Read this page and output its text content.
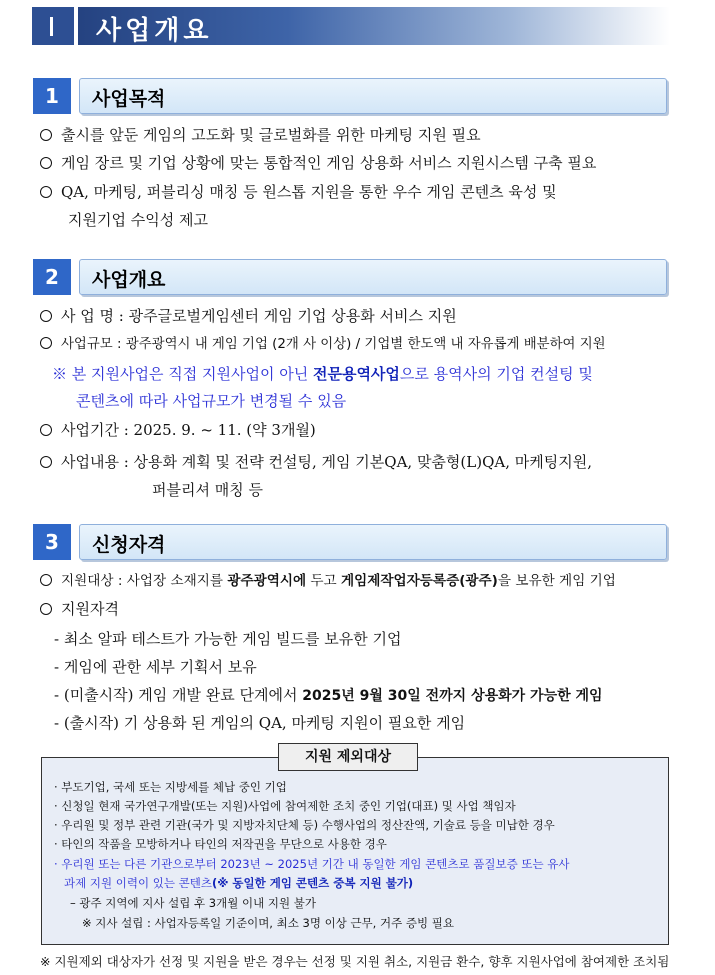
사업개요
1	사업목적
출시를 앞둔 게임의 고도화 및 글로벌화를 위한 마케팅 지원 필요
게임 장르 및 기업 상황에 맞는 통합적인 게임 상용화 서비스 지원시스템 구축 필요
QA, 마케팅, 퍼블리싱 매칭 등 원스톱 지원을 통한 우수 게임 콘텐츠 육성 및
지원기업 수익성 제고
2	사업개요
사 업 명 : 광주글로벌게임센터 게임 기업 상용화 서비스 지원
사업규모 : 광주광역시 내 게임 기업 (2개 사 이상) / 기업별 한도액 내 자유롭게 배분하여 지원
※ 본 지원사업은 직접 지원사업이 아닌 전문용역사업으로 용역사의 기업 컨설팅 및
콘텐츠에 따라 사업규모가 변경될 수 있음
사업기간 : 2025. 9. ~ 11. (약 3개월)
사업내용 : 상용화 계획 및 전략 컨설팅, 게임 기본QA, 맞춤형(L)QA, 마케팅지원,
퍼블리셔 매칭 등
3	신청자격
지원대상 : 사업장 소재지를 광주광역시에 두고 게임제작업자등록증(광주)을 보유한 게임 기업
지원자격
- 최소 알파 테스트가 가능한 게임 빌드를 보유한 기업
- 게임에 관한 세부 기획서 보유
- (미출시작) 게임 개발 완료 단계에서 2025년 9월 30일 전까지 상용화가 가능한 게임
- (출시작) 기 상용화 된 게임의 QA, 마케팅 지원이 필요한 게임
지원 제외대상
· 부도기업, 국세 또는 지방세를 체납 중인 기업
· 신청일 현재 국가연구개발(또는 지원)사업에 참여제한 조치 중인 기업(대표) 및 사업 책임자
· 우리원 및 정부 관련 기관(국가 및 지방자치단체 등) 수행사업의 정산잔액, 기술료 등을 미납한 경우
· 타인의 작품을 모방하거나 타인의 저작권을 무단으로 사용한 경우
· 우리원 또는 다른 기관으로부터 2023년 ~ 2025년 기간 내 동일한 게임 콘텐츠로 품질보증 또는 유사
과제 지원 이력이 있는 콘텐츠(※ 동일한 게임 콘텐츠 중복 지원 불가)
– 광주 지역에 지사 설립 후 3개월 이내 지원 불가
※ 지사 설립 : 사업자등록일 기준이며, 최소 3명 이상 근무, 거주 증빙 필요
※ 지원제외 대상자가 선정 및 지원을 받은 경우는 선정 및 지원 취소, 지원금 환수, 향후 지원사업에 참여제한 조치됨
